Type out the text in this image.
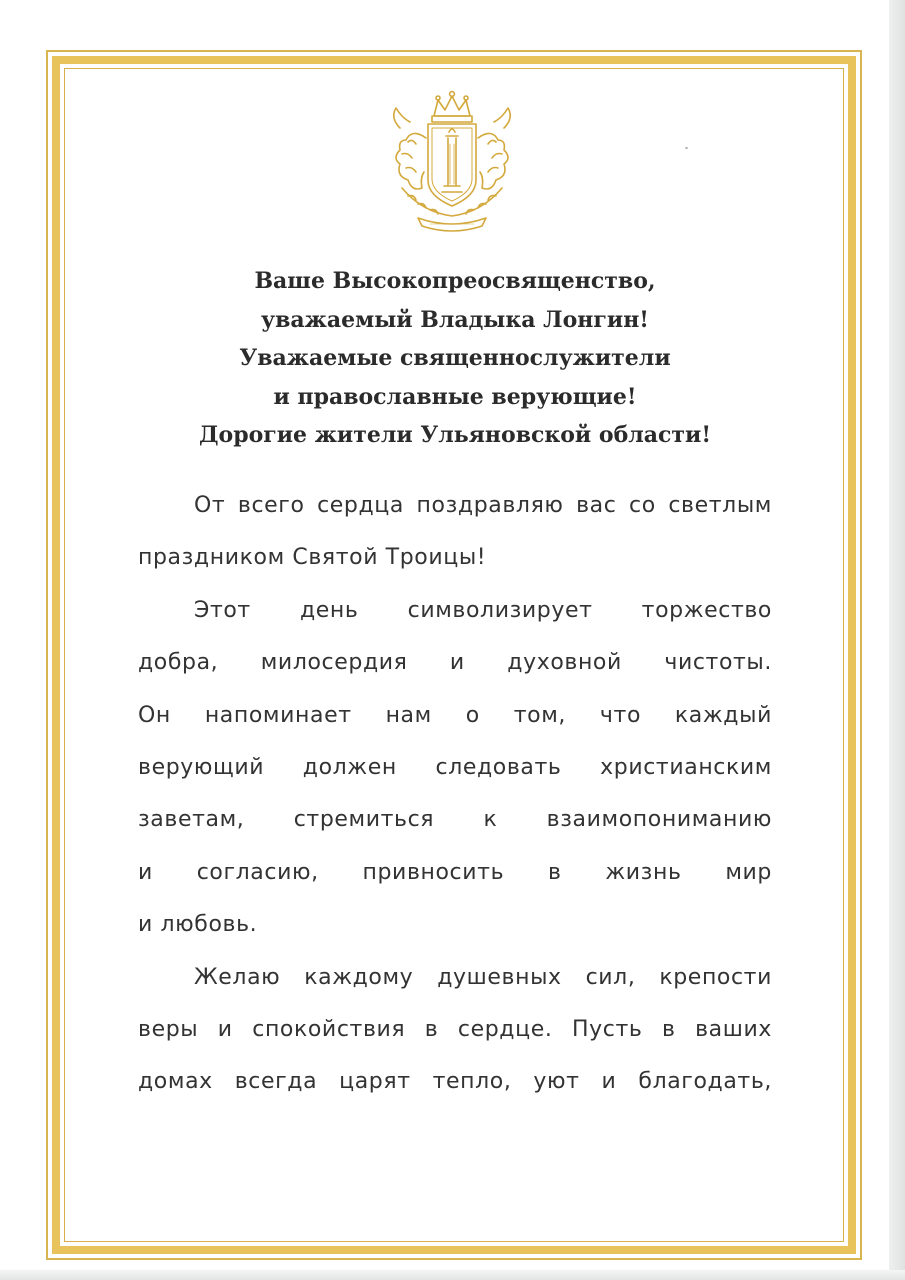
Ваше Высокопреосвященство,
уважаемый Владыка Лонгин!
Уважаемые священнослужители
и православные верующие!
Дорогие жители Ульяновской области!
От всего сердца поздравляю вас со светлым
праздником Святой Троицы!
Этот день символизирует торжество
добра, милосердия и духовной чистоты.
Он напоминает нам о том, что каждый
верующий должен следовать христианским
заветам, стремиться к взаимопониманию
и согласию, привносить в жизнь мир
и любовь.
Желаю каждому душевных сил, крепости
веры и спокойствия в сердце. Пусть в ваших
домах всегда царят тепло, уют и благодать,
